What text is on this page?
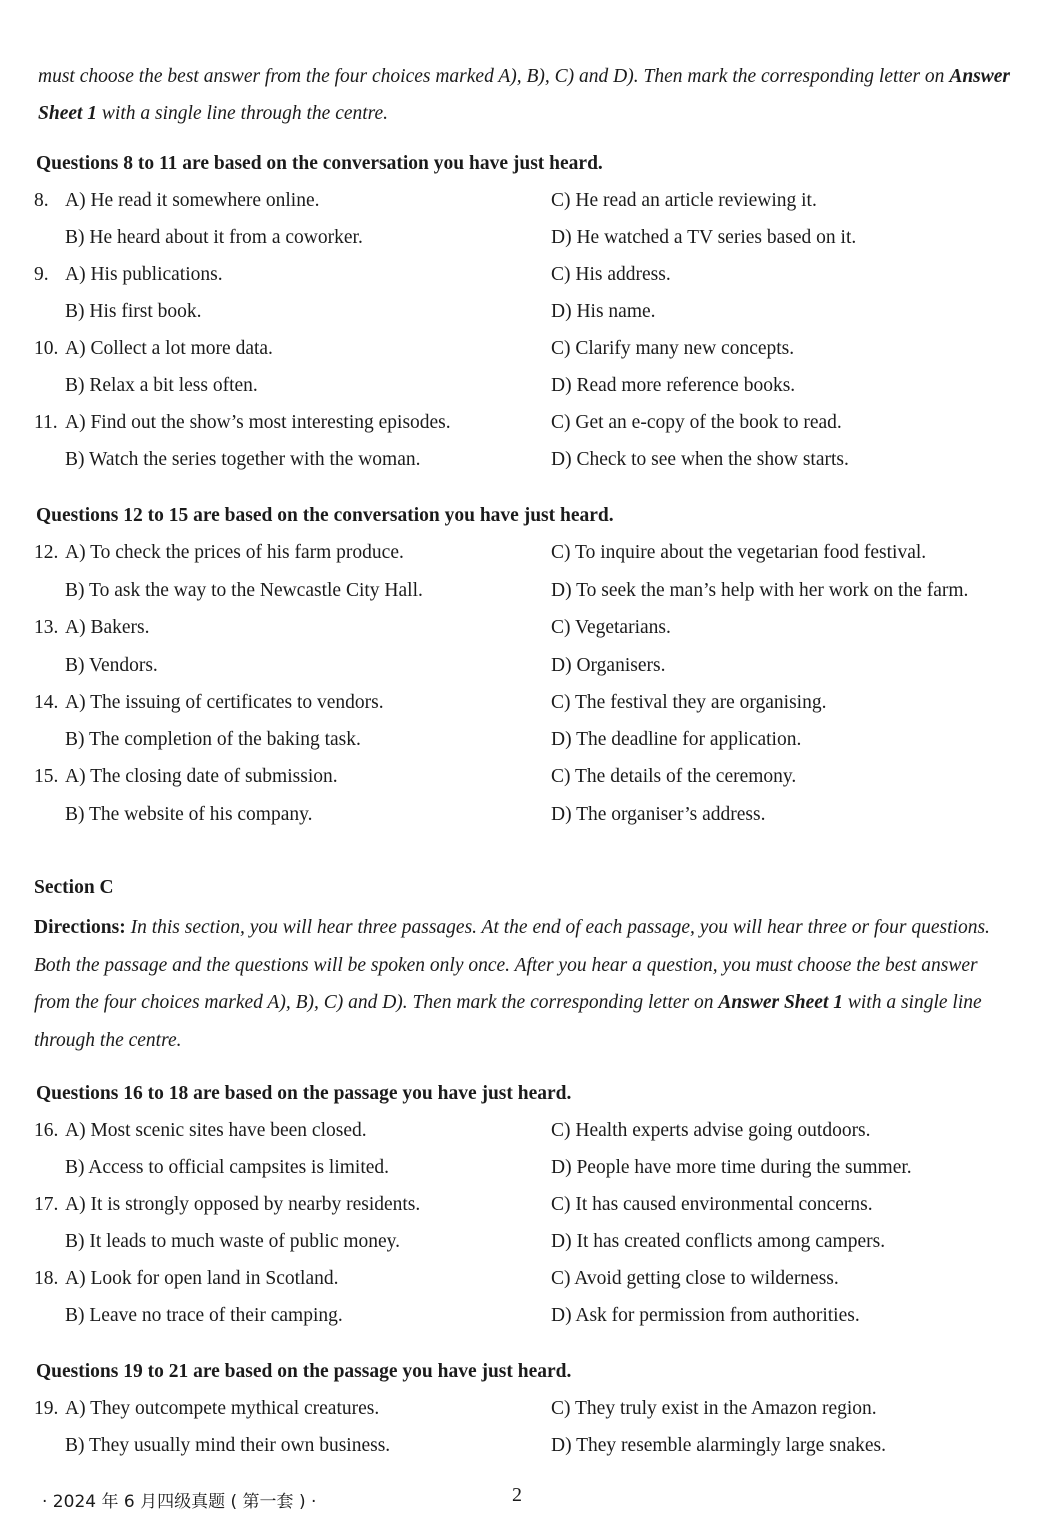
must choose the best answer from the four choices marked A), B), C) and D). Then mark the corresponding letter on Answer Sheet 1 with a single line through the centre.
Questions 8 to 11 are based on the conversation you have just heard.
8. A) He read it somewhere online.	C) He read an article reviewing it.
B) He heard about it from a coworker.	D) He watched a TV series based on it.
9. A) His publications.	C) His address.
B) His first book.	D) His name.
10. A) Collect a lot more data.	C) Clarify many new concepts.
B) Relax a bit less often.	D) Read more reference books.
11. A) Find out the show’s most interesting episodes.	C) Get an e-copy of the book to read.
B) Watch the series together with the woman.	D) Check to see when the show starts.
Questions 12 to 15 are based on the conversation you have just heard.
12. A) To check the prices of his farm produce.	C) To inquire about the vegetarian food festival.
B) To ask the way to the Newcastle City Hall.	D) To seek the man’s help with her work on the farm.
13. A) Bakers.	C) Vegetarians.
B) Vendors.	D) Organisers.
14. A) The issuing of certificates to vendors.	C) The festival they are organising.
B) The completion of the baking task.	D) The deadline for application.
15. A) The closing date of submission.	C) The details of the ceremony.
B) The website of his company.	D) The organiser’s address.
Section C
Directions: In this section, you will hear three passages. At the end of each passage, you will hear three or four questions. Both the passage and the questions will be spoken only once. After you hear a question, you must choose the best answer from the four choices marked A), B), C) and D). Then mark the corresponding letter on Answer Sheet 1 with a single line through the centre.
Questions 16 to 18 are based on the passage you have just heard.
16. A) Most scenic sites have been closed.	C) Health experts advise going outdoors.
B) Access to official campsites is limited.	D) People have more time during the summer.
17. A) It is strongly opposed by nearby residents.	C) It has caused environmental concerns.
B) It leads to much waste of public money.	D) It has created conflicts among campers.
18. A) Look for open land in Scotland.	C) Avoid getting close to wilderness.
B) Leave no trace of their camping.	D) Ask for permission from authorities.
Questions 19 to 21 are based on the passage you have just heard.
19. A) They outcompete mythical creatures.	C) They truly exist in the Amazon region.
B) They usually mind their own business.	D) They resemble alarmingly large snakes.
· 2024 年 6 月四级真题 ( 第一套 ) ·	2
